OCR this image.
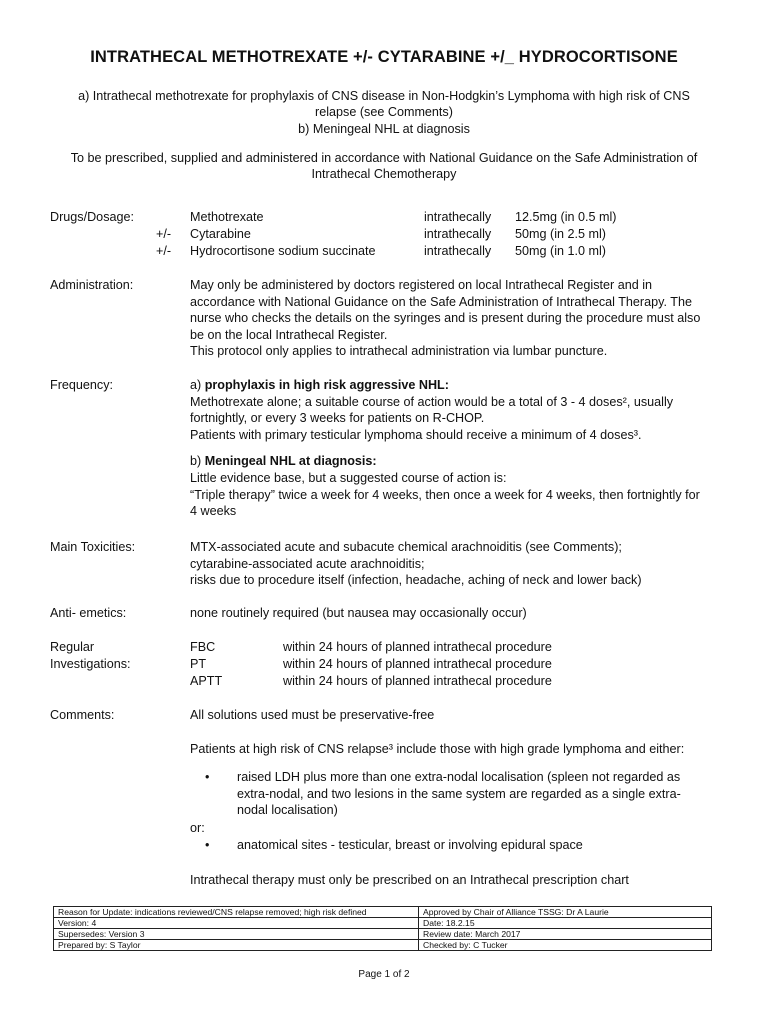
INTRATHECAL METHOTREXATE +/- CYTARABINE +/_ HYDROCORTISONE
a) Intrathecal methotrexate for prophylaxis of CNS disease in Non-Hodgkin’s Lymphoma with high risk of CNS
relapse (see Comments)
b) Meningeal NHL at diagnosis
To be prescribed, supplied and administered in accordance with National Guidance on the Safe Administration of
Intrathecal Chemotherapy
Drugs/Dosage:	Methotrexate	intrathecally 12.5mg (in 0.5 ml)
+/- Cytarabine	intrathecally 50mg (in 2.5 ml)
+/- Hydrocortisone sodium succinate	intrathecally 50mg (in 1.0 ml)
Administration:	May only be administered by doctors registered on local Intrathecal Register and in
accordance with National Guidance on the Safe Administration of Intrathecal Therapy. The
nurse who checks the details on the syringes and is present during the procedure must also
be on the local Intrathecal Register.
This protocol only applies to intrathecal administration via lumbar puncture.
Frequency:	a) prophylaxis in high risk aggressive NHL:
Methotrexate alone; a suitable course of action would be a total of 3 - 4 doses², usually
fortnightly, or every 3 weeks for patients on R-CHOP.
Patients with primary testicular lymphoma should receive a minimum of 4 doses³.
b) Meningeal NHL at diagnosis:
Little evidence base, but a suggested course of action is:
“Triple therapy” twice a week for 4 weeks, then once a week for 4 weeks, then fortnightly for
4 weeks
Main Toxicities:	MTX-associated acute and subacute chemical arachnoiditis (see Comments);
cytarabine-associated acute arachnoiditis;
risks due to procedure itself (infection, headache, aching of neck and lower back)
Anti- emetics:	none routinely required (but nausea may occasionally occur)
Regular
Investigations:
FBC	within 24 hours of planned intrathecal procedure
PT	within 24 hours of planned intrathecal procedure
APTT	within 24 hours of planned intrathecal procedure
Comments:	All solutions used must be preservative-free
Patients at high risk of CNS relapse³ include those with high grade lymphoma and either:
• raised LDH plus more than one extra-nodal localisation (spleen not regarded as
extra-nodal, and two lesions in the same system are regarded as a single extra-
nodal localisation)
or:
• anatomical sites - testicular, breast or involving epidural space
Intrathecal therapy must only be prescribed on an Intrathecal prescription chart
Reason for Update: indications reviewed/CNS relapse removed; high risk defined	Approved by Chair of Alliance TSSG: Dr A Laurie
Version: 4	Date: 18.2.15
Supersedes: Version 3	Review date: March 2017
Prepared by: S Taylor	Checked by: C Tucker
Page 1 of 2
